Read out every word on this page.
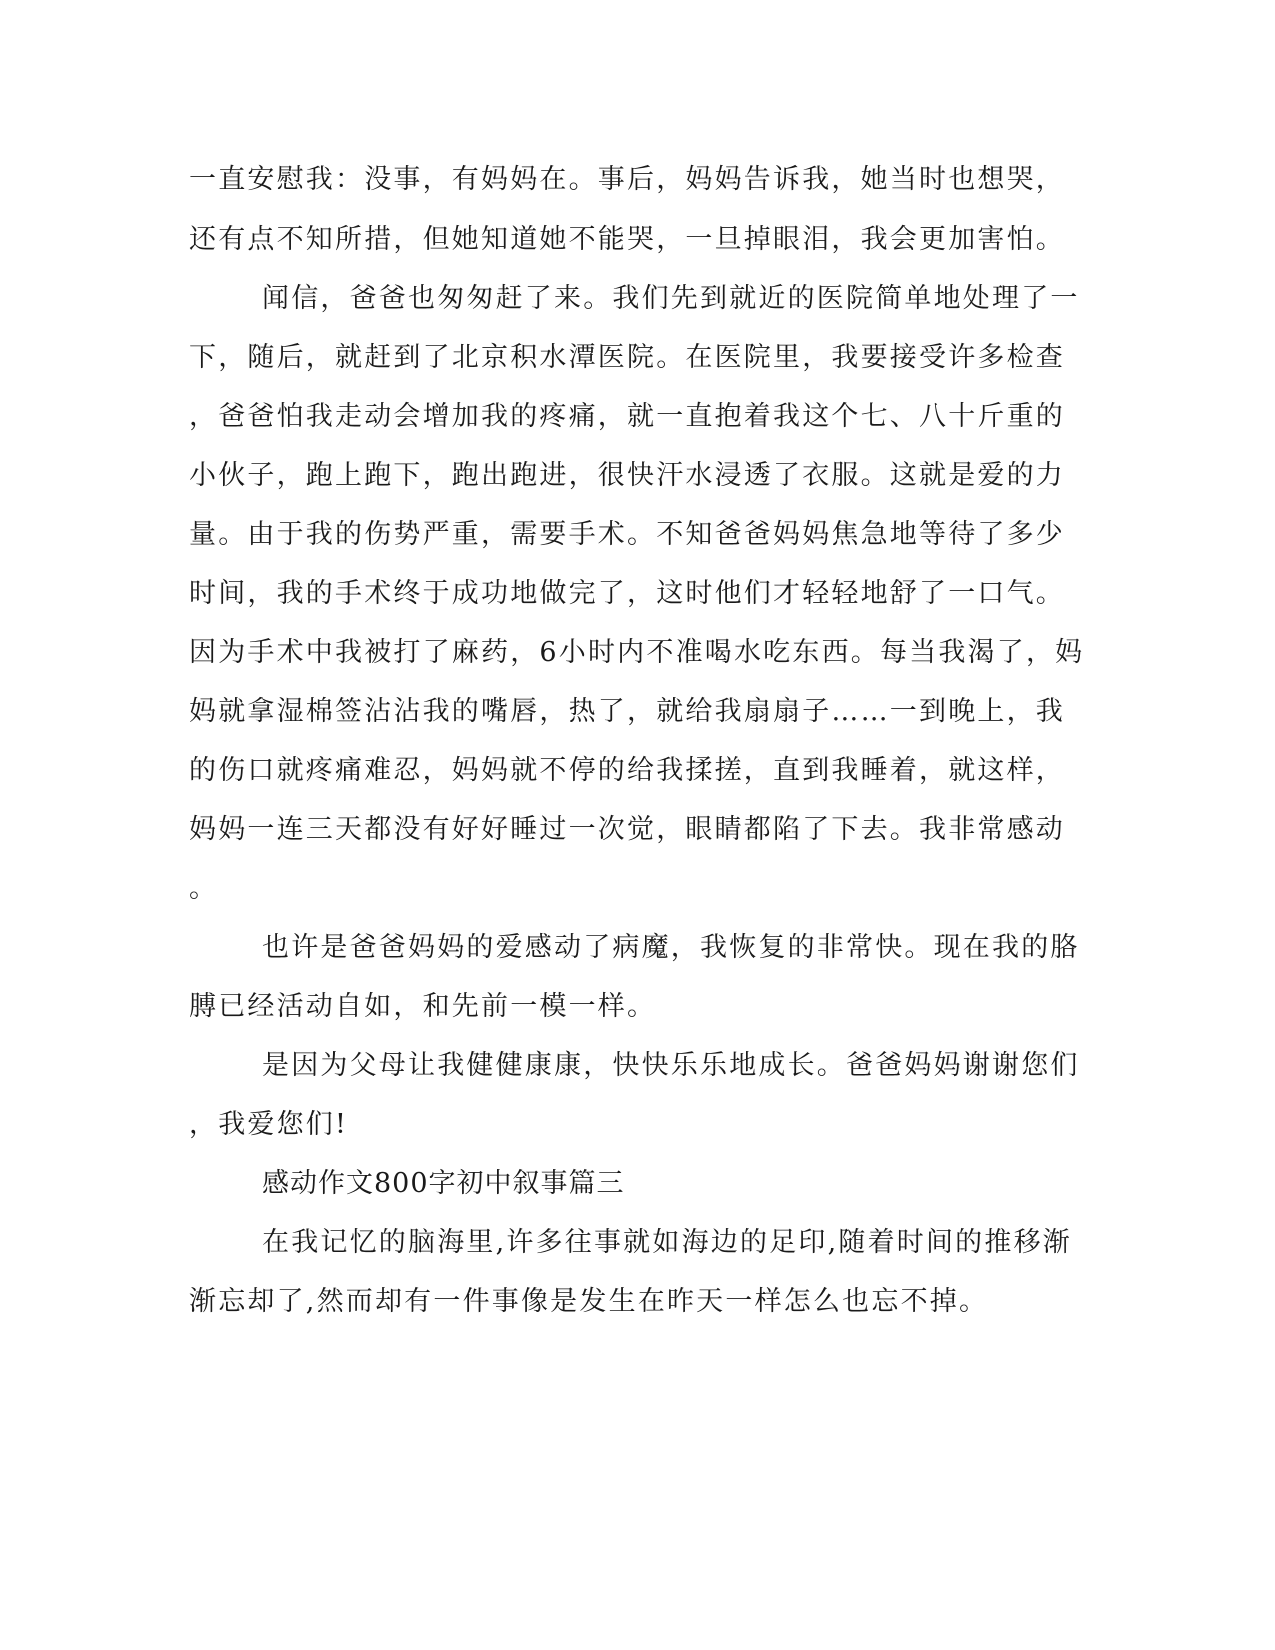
一直安慰我：没事，有妈妈在。事后，妈妈告诉我，她当时也想哭，

还有点不知所措，但她知道她不能哭，一旦掉眼泪，我会更加害怕。

闻信，爸爸也匆匆赶了来。我们先到就近的医院简单地处理了一

下，随后，就赶到了北京积水潭医院。在医院里，我要接受许多检查

，爸爸怕我走动会增加我的疼痛，就一直抱着我这个七、八十斤重的

小伙子，跑上跑下，跑出跑进，很快汗水浸透了衣服。这就是爱的力

量。由于我的伤势严重，需要手术。不知爸爸妈妈焦急地等待了多少

时间，我的手术终于成功地做完了，这时他们才轻轻地舒了一口气。

因为手术中我被打了麻药，6小时内不准喝水吃东西。每当我渴了，妈

妈就拿湿棉签沾沾我的嘴唇，热了，就给我扇扇子……一到晚上，我

的伤口就疼痛难忍，妈妈就不停的给我揉搓，直到我睡着，就这样，

妈妈一连三天都没有好好睡过一次觉，眼睛都陷了下去。我非常感动

。

也许是爸爸妈妈的爱感动了病魔，我恢复的非常快。现在我的胳

膊已经活动自如，和先前一模一样。

是因为父母让我健健康康，快快乐乐地成长。爸爸妈妈谢谢您们

，我爱您们!

感动作文800字初中叙事篇三

在我记忆的脑海里,许多往事就如海边的足印,随着时间的推移渐

渐忘却了,然而却有一件事像是发生在昨天一样怎么也忘不掉。
